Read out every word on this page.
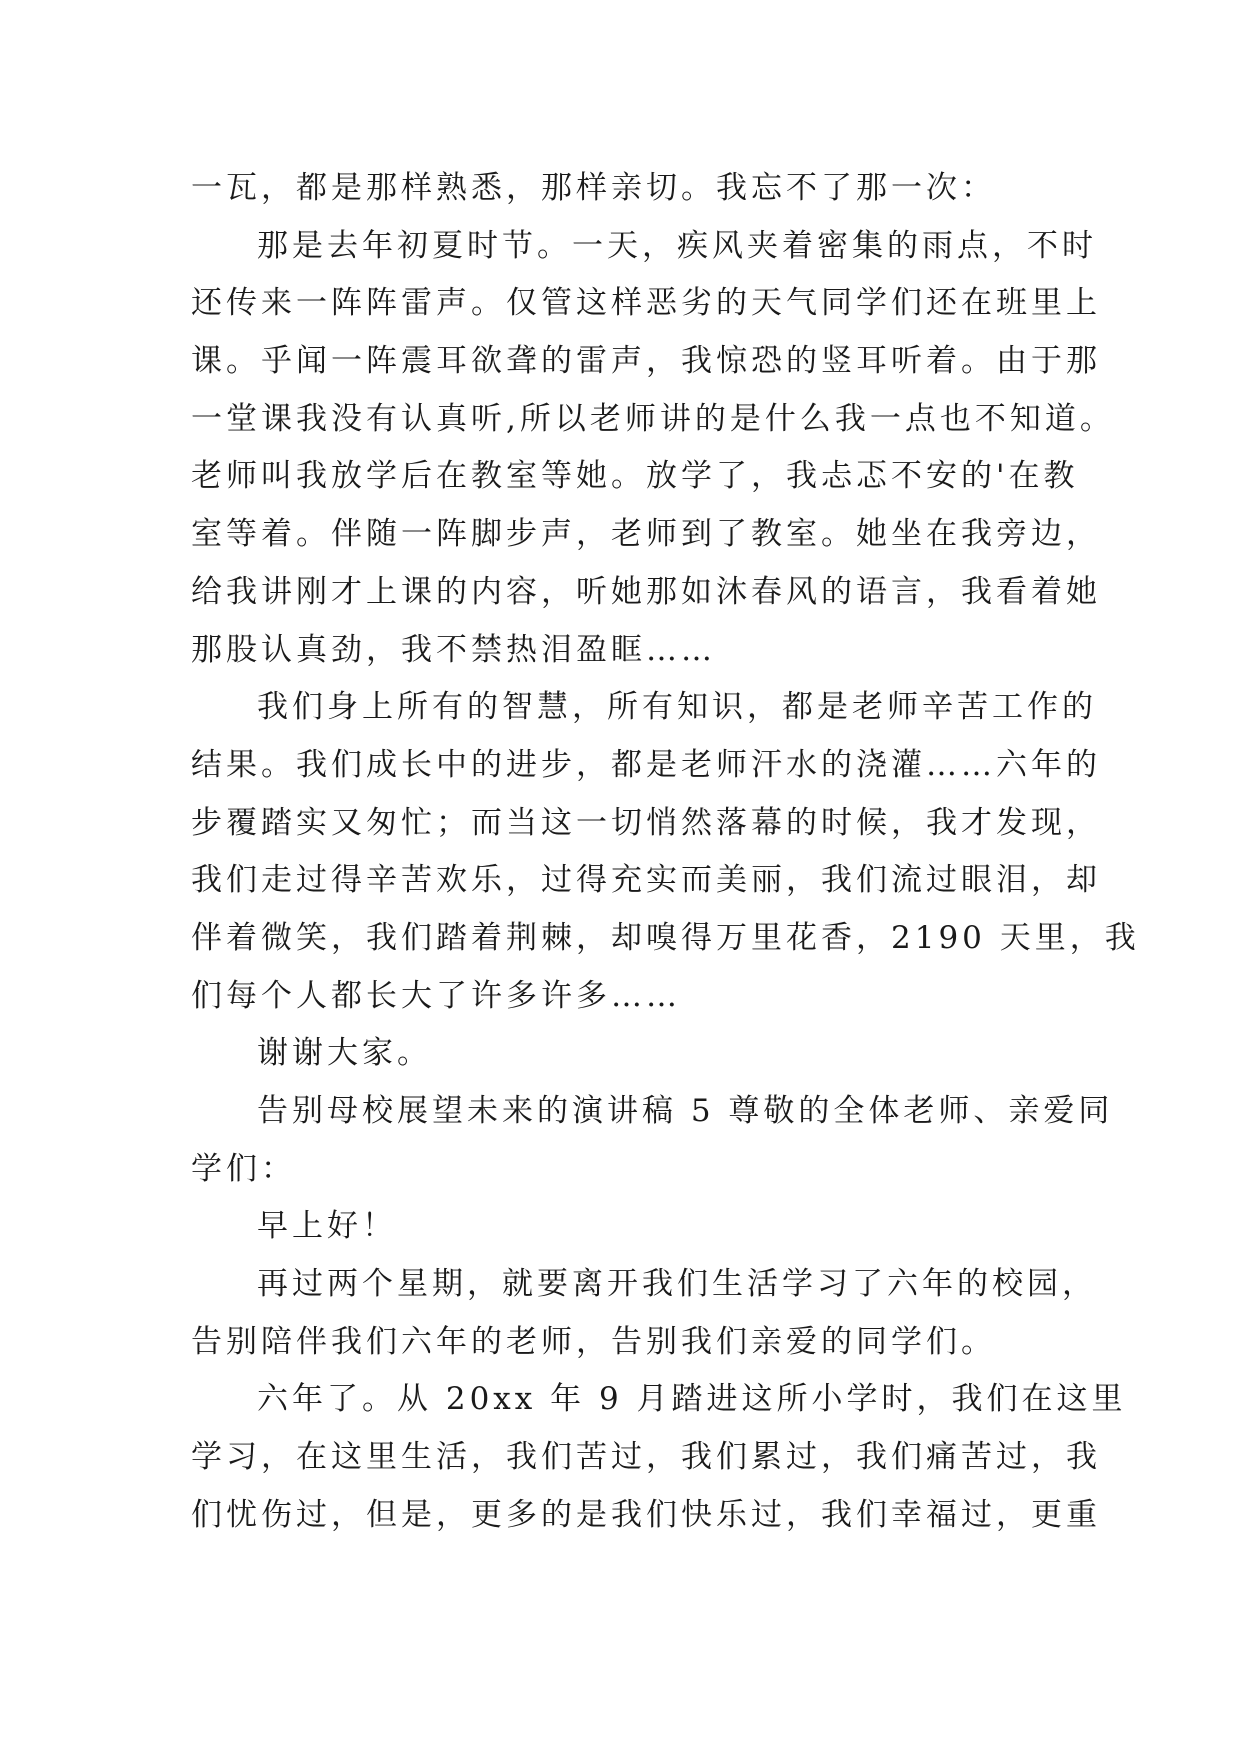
一瓦，都是那样熟悉，那样亲切。我忘不了那一次：
那是去年初夏时节。一天，疾风夹着密集的雨点，不时
还传来一阵阵雷声。仅管这样恶劣的天气同学们还在班里上
课。乎闻一阵震耳欲聋的雷声，我惊恐的竖耳听着。由于那
一堂课我没有认真听,所以老师讲的是什么我一点也不知道。
老师叫我放学后在教室等她。放学了，我忐忑不安的'在教
室等着。伴随一阵脚步声，老师到了教室。她坐在我旁边，
给我讲刚才上课的内容，听她那如沐春风的语言，我看着她
那股认真劲，我不禁热泪盈眶……
我们身上所有的智慧，所有知识，都是老师辛苦工作的
结果。我们成长中的进步，都是老师汗水的浇灌……六年的
步覆踏实又匆忙；而当这一切悄然落幕的时候，我才发现，
我们走过得辛苦欢乐，过得充实而美丽，我们流过眼泪，却
伴着微笑，我们踏着荆棘，却嗅得万里花香，2190 天里，我
们每个人都长大了许多许多……
谢谢大家。
告别母校展望未来的演讲稿 5 尊敬的全体老师、亲爱同
学们：
早上好！
再过两个星期，就要离开我们生活学习了六年的校园，
告别陪伴我们六年的老师，告别我们亲爱的同学们。
六年了。从 20xx 年 9 月踏进这所小学时，我们在这里
学习，在这里生活，我们苦过，我们累过，我们痛苦过，我
们忧伤过，但是，更多的是我们快乐过，我们幸福过，更重
